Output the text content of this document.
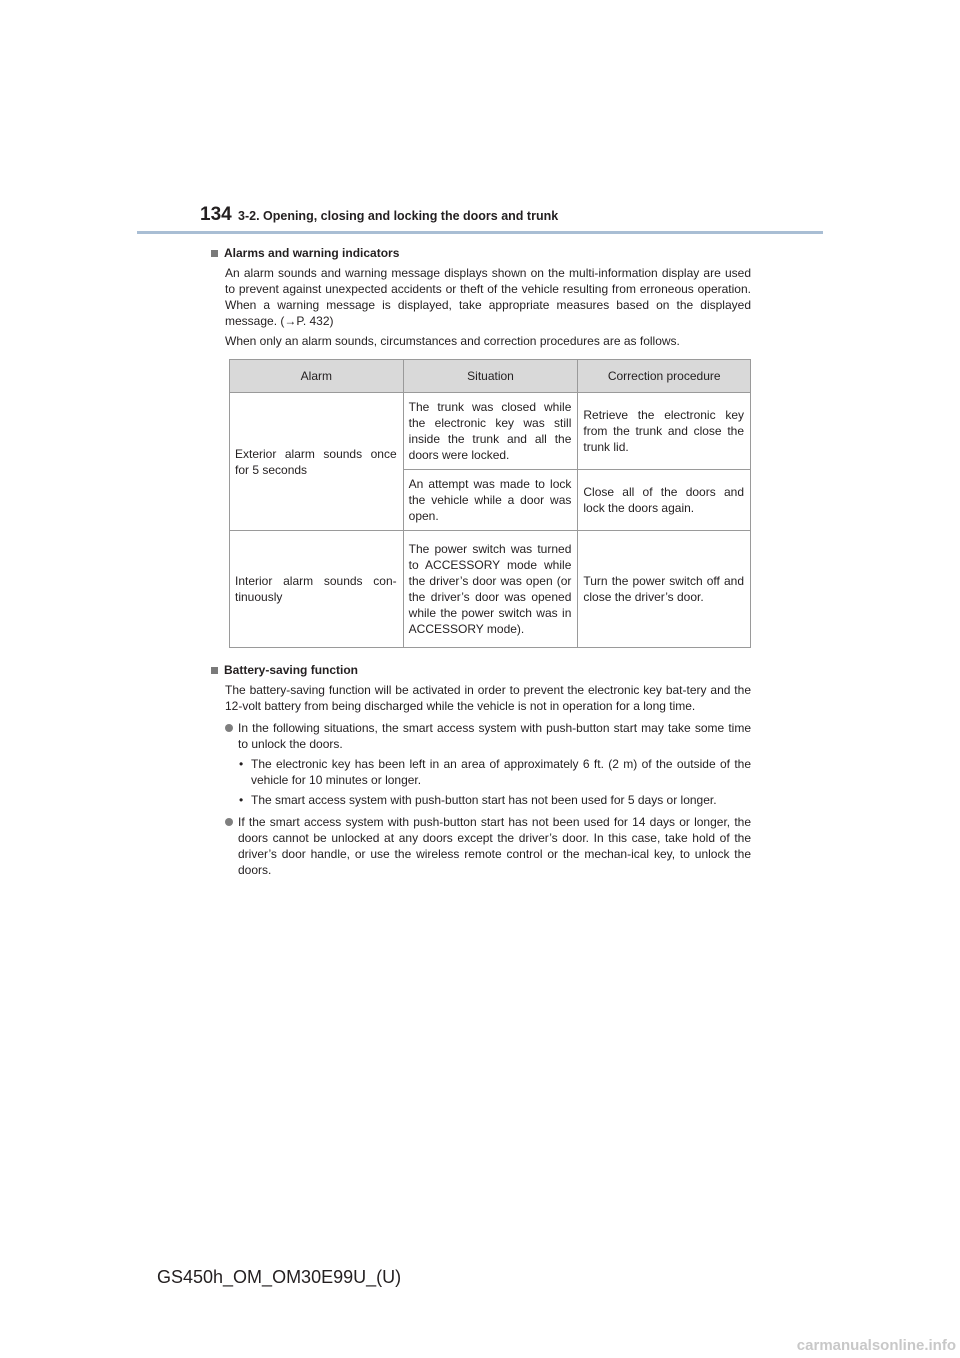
134 3-2. Opening, closing and locking the doors and trunk
Alarms and warning indicators

An alarm sounds and warning message displays shown on the multi-information display are used to prevent against unexpected accidents or theft of the vehicle resulting from erroneous operation. When a warning message is displayed, take appropriate measures based on the displayed message. (→P. 432)

When only an alarm sounds, circumstances and correction procedures are as follows.

Alarm	Situation	Correction procedure
Exterior alarm sounds once for 5 seconds	The trunk was closed while the electronic key was still inside the trunk and all the doors were locked.	Retrieve the electronic key from the trunk and close the trunk lid.
	An attempt was made to lock the vehicle while a door was open.	Close all of the doors and lock the doors again.
Interior alarm sounds con-tinuously	The power switch was turned to ACCESSORY mode while the driver’s door was open (or the driver’s door was opened while the power switch was in ACCESSORY mode).	Turn the power switch off and close the driver’s door.
Battery-saving function

The battery-saving function will be activated in order to prevent the electronic key bat-tery and the 12-volt battery from being discharged while the vehicle is not in operation for a long time.

In the following situations, the smart access system with push-button start may take some time to unlock the doors.
• The electronic key has been left in an area of approximately 6 ft. (2 m) of the outside of the vehicle for 10 minutes or longer.
• The smart access system with push-button start has not been used for 5 days or longer.
If the smart access system with push-button start has not been used for 14 days or longer, the doors cannot be unlocked at any doors except the driver’s door. In this case, take hold of the driver’s door handle, or use the wireless remote control or the mechan-ical key, to unlock the doors.
GS450h_OM_OM30E99U_(U)
carmanualsonline.info
